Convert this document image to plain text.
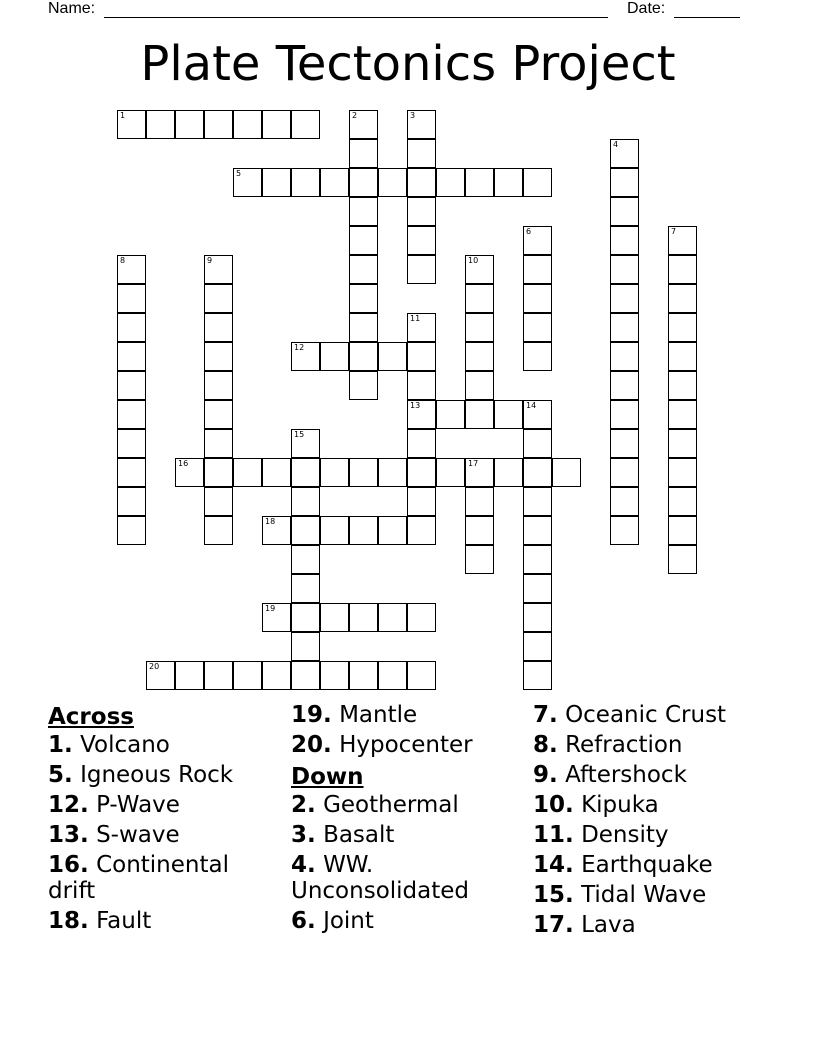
Name:	Date:
Plate Tectonics Project
1	2	3
4
5
6	7
8	9	10
11
13
12
14
15
16	17
18
19
20

Across

1. Volcano

5. Igneous Rock

12. P-Wave

13. S-wave

16. Continental drift

18. Fault

19. Mantle

20. Hypocenter

Down

2. Geothermal

3. Basalt

4. WW. Unconsolidated

6. Joint

7. Oceanic Crust

8. Refraction

9. Aftershock

10. Kipuka

11. Density

14. Earthquake

15. Tidal Wave

17. Lava
